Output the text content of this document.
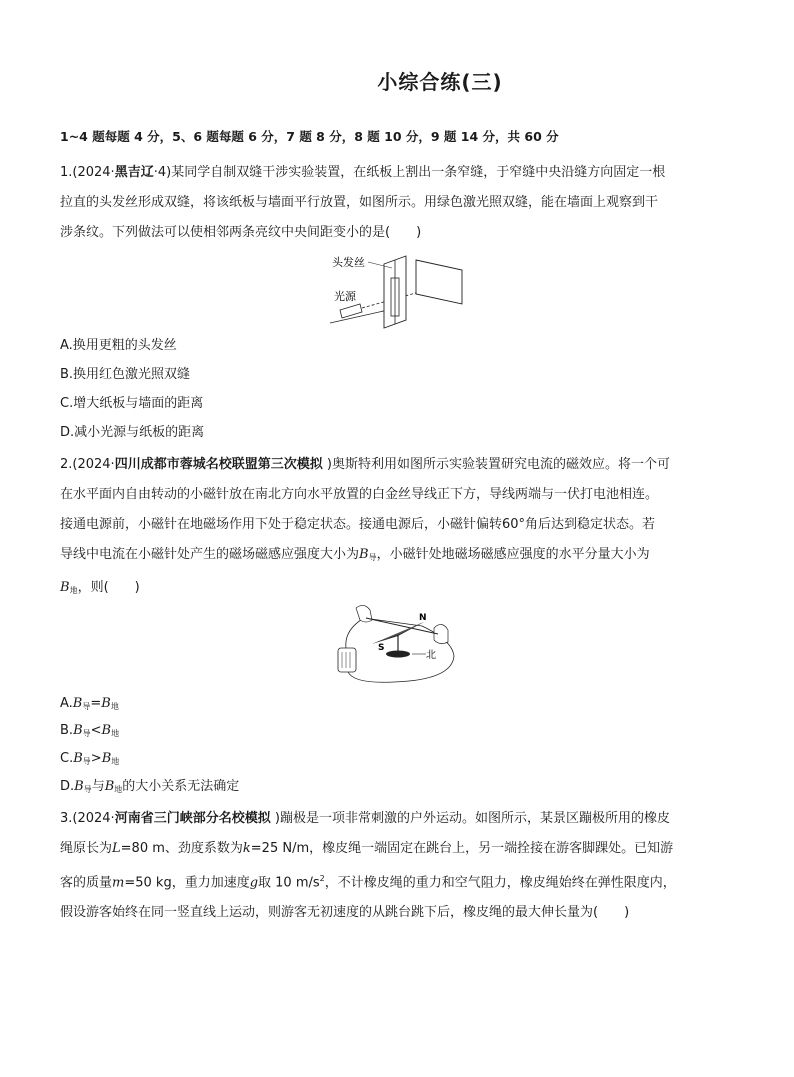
小综合练(三)
1~4 题每题 4 分，5、6 题每题 6 分，7 题 8 分，8 题 10 分，9 题 14 分，共 60 分
1.(2024·黑吉辽·4)某同学自制双缝干涉实验装置，在纸板上割出一条窄缝，于窄缝中央沿缝方向固定一根
拉直的头发丝形成双缝，将该纸板与墙面平行放置，如图所示。用绿色激光照双缝，能在墙面上观察到干
涉条纹。下列做法可以使相邻两条亮纹中央间距变小的是(　　)
头发丝
光源
A.换用更粗的头发丝
B.换用红色激光照双缝
C.增大纸板与墙面的距离
D.减小光源与纸板的距离
2.(2024·四川成都市蓉城名校联盟第三次模拟 )奥斯特利用如图所示实验装置研究电流的磁效应。将一个可
在水平面内自由转动的小磁针放在南北方向水平放置的白金丝导线正下方，导线两端与一伏打电池相连。
接通电源前，小磁针在地磁场作用下处于稳定状态。接通电源后，小磁针偏转60°角后达到稳定状态。若
导线中电流在小磁针处产生的磁场磁感应强度大小为$B_导$，小磁针处地磁场磁感应强度的水平分量大小为
$B_地$，则(　　)
N
S
北
$A.B_导=B_地$
$B.B_导<B_地$
$C.B_导>B_地$
$D.B_导$与$B_地$的大小关系无法确定
3.(2024·河南省三门峡部分名校模拟 )蹦极是一项非常刺激的户外运动。如图所示，某景区蹦极所用的橡皮
绳原长为L=80 m、劲度系数为k=25 N/m，橡皮绳一端固定在跳台上，另一端拴接在游客脚踝处。已知游
客的质量m=50 kg，重力加速度g取 10 $m/s^2$，不计橡皮绳的重力和空气阻力，橡皮绳始终在弹性限度内，
假设游客始终在同一竖直线上运动，则游客无初速度的从跳台跳下后，橡皮绳的最大伸长量为(　　)
